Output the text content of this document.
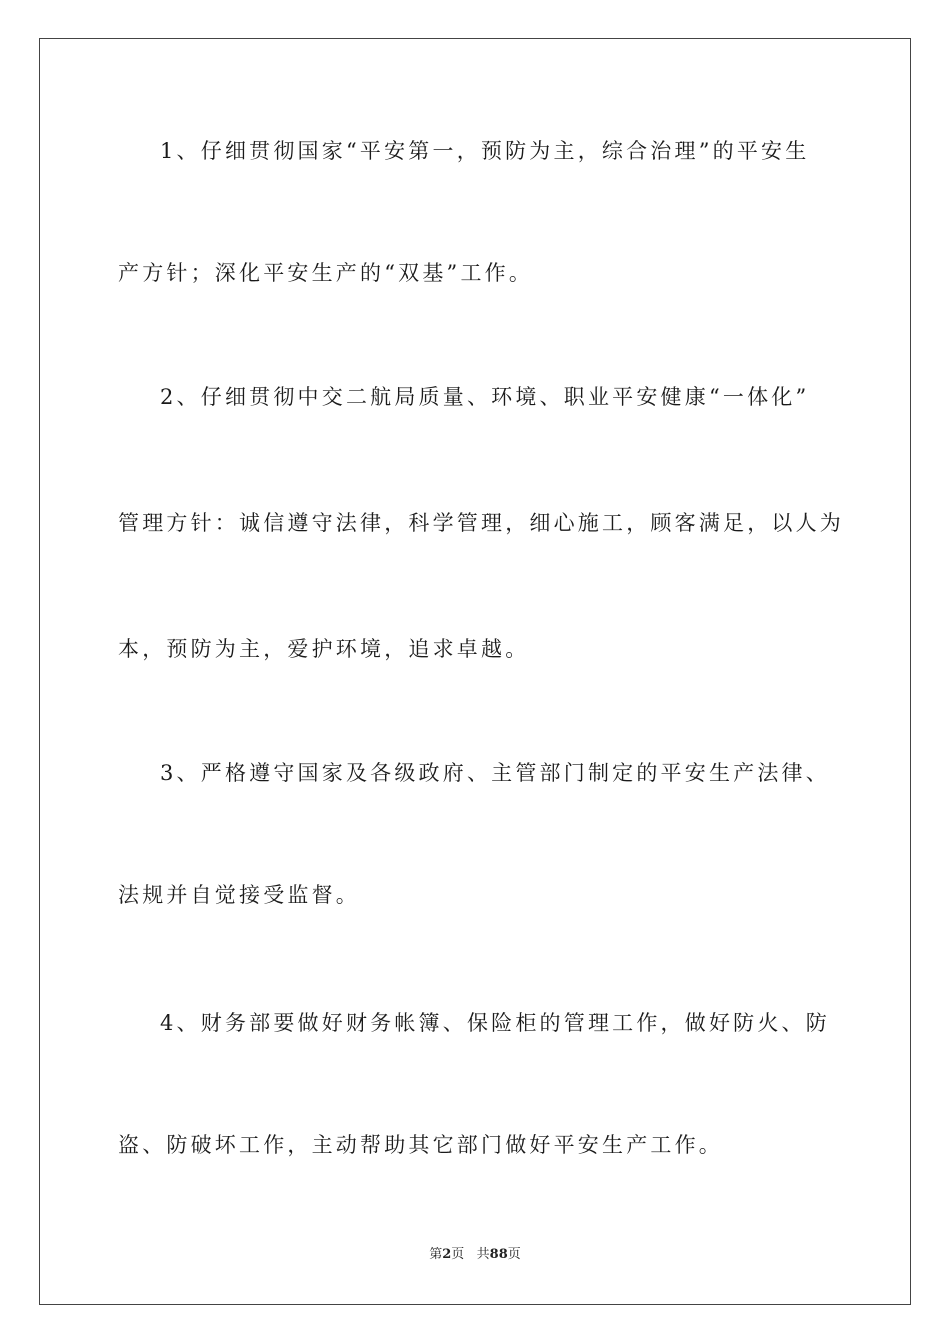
1、仔细贯彻国家“平安第一，预防为主，综合治理”的平安生

产方针；深化平安生产的“双基”工作。

2、仔细贯彻中交二航局质量、环境、职业平安健康“一体化”

管理方针：诚信遵守法律，科学管理，细心施工，顾客满足，以人为

本，预防为主，爱护环境，追求卓越。

3、严格遵守国家及各级政府、主管部门制定的平安生产法律、

法规并自觉接受监督。

4、财务部要做好财务帐簿、保险柜的管理工作，做好防火、防

盗、防破坏工作，主动帮助其它部门做好平安生产工作。

第2页   共88页
